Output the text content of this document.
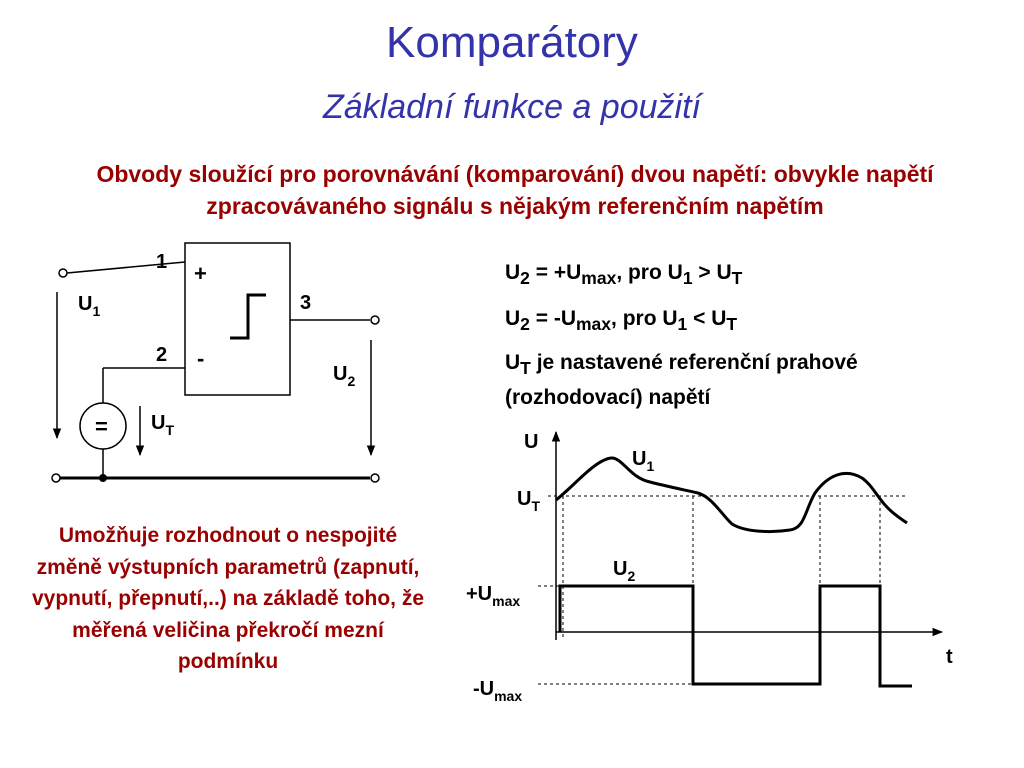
Komparátory
Základní funkce a použití
Obvody sloužící pro porovnávání (komparování) dvou napětí: obvykle napětí zpracovávaného signálu s nějakým referenčním napětím
1 +
3
2 -
=
$U_1$
$U_2$
$U_T$
U
t
$U_1$
$U_T$
$U_2$
$+U_{max}$
$-U_{max}$
$U_2 = +U_{max}$, pro $U_1 > U_T$
$U_2 = -U_{max}$, pro $U_1 < U_T$
$U_T$ je nastavené referenční prahové (rozhodovací) napětí
Umožňuje rozhodnout o nespojité změně výstupních parametrů (zapnutí, vypnutí, přepnutí,..) na základě toho, že měřená veličina překročí mezní podmínku
